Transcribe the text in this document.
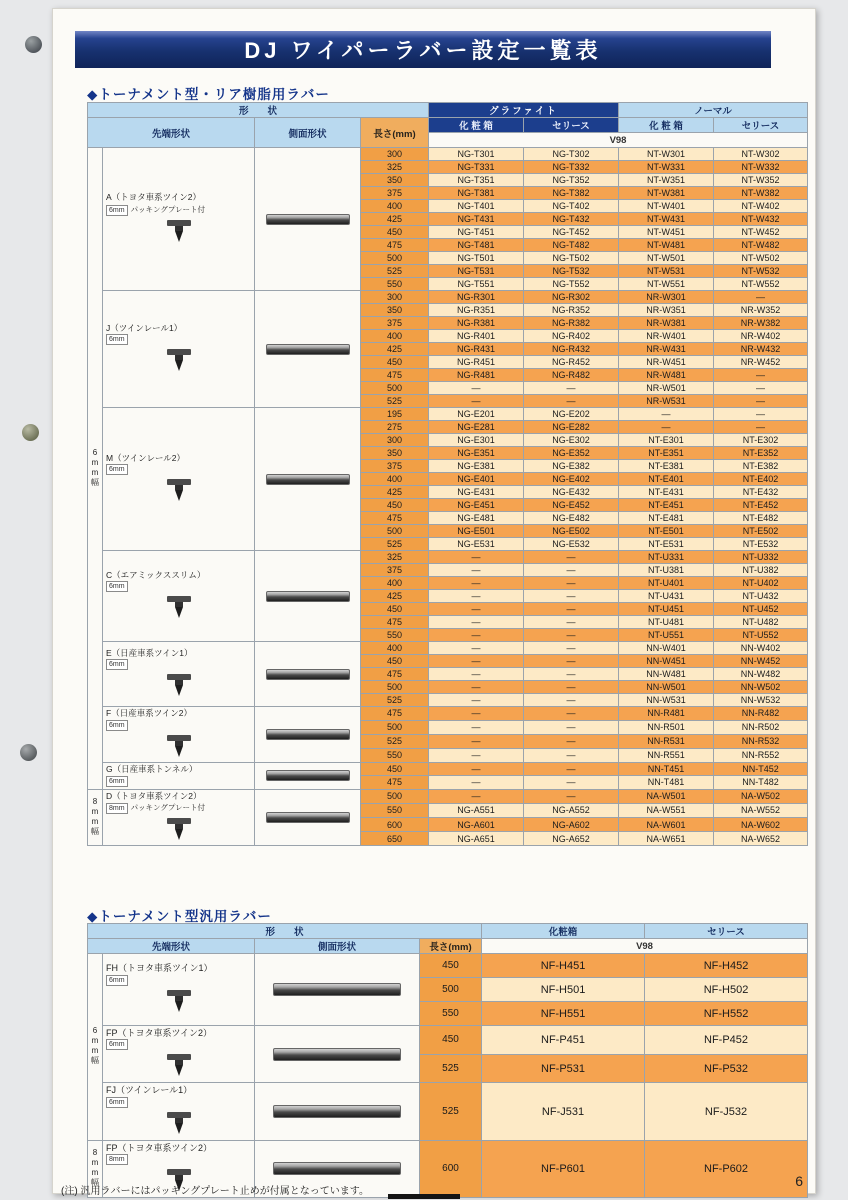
DJ ワイパーラバー設定一覧表
◆トーナメント型・リア樹脂用ラバー
形　　状				グラファイト		ノーマル	
先端形状		側面形状	長さ(mm)	化 粧 箱	セリース	化 粧 箱	セリース
				V98			
6mm幅	A（トヨタ車系ツイン2）
6mm パッキングプレート付		300	NG-T301	NG-T302	NT-W301	NT-W302
			325	NG-T331	NG-T332	NT-W331	NT-W332
			350	NG-T351	NG-T352	NT-W351	NT-W352
			375	NG-T381	NG-T382	NT-W381	NT-W382
			400	NG-T401	NG-T402	NT-W401	NT-W402
			425	NG-T431	NG-T432	NT-W431	NT-W432
			450	NG-T451	NG-T452	NT-W451	NT-W452
			475	NG-T481	NG-T482	NT-W481	NT-W482
			500	NG-T501	NG-T502	NT-W501	NT-W502
			525	NG-T531	NG-T532	NT-W531	NT-W532
			550	NG-T551	NG-T552	NT-W551	NT-W552

	J（ツインレール1）
6mm		300	NG-R301	NG-R302	NR-W301	—
			350	NG-R351	NG-R352	NR-W351	NR-W352
			375	NG-R381	NG-R382	NR-W381	NR-W382
			400	NG-R401	NG-R402	NR-W401	NR-W402
			425	NG-R431	NG-R432	NR-W431	NR-W432
			450	NG-R451	NG-R452	NR-W451	NR-W452
			475	NG-R481	NG-R482	NR-W481	—
			500	—	—	NR-W501	—
			525	—	—	NR-W531	—

	M（ツインレール2）
6mm		195	NG-E201	NG-E202	—	—
			275	NG-E281	NG-E282	—	—
			300	NG-E301	NG-E302	NT-E301	NT-E302
			350	NG-E351	NG-E352	NT-E351	NT-E352
			375	NG-E381	NG-E382	NT-E381	NT-E382
			400	NG-E401	NG-E402	NT-E401	NT-E402
			425	NG-E431	NG-E432	NT-E431	NT-E432
			450	NG-E451	NG-E452	NT-E451	NT-E452
			475	NG-E481	NG-E482	NT-E481	NT-E482
			500	NG-E501	NG-E502	NT-E501	NT-E502
			525	NG-E531	NG-E532	NT-E531	NT-E532

	C（エアミックススリム）
6mm		325	—	—	NT-U331	NT-U332
			375	—	—	NT-U381	NT-U382
			400	—	—	NT-U401	NT-U402
			425	—	—	NT-U431	NT-U432
			450	—	—	NT-U451	NT-U452
			475	—	—	NT-U481	NT-U482
			550	—	—	NT-U551	NT-U552

	E（日産車系ツイン1）
6mm		400	—	—	NN-W401	NN-W402
			450	—	—	NN-W451	NN-W452
			475	—	—	NN-W481	NN-W482
			500	—	—	NN-W501	NN-W502
			525	—	—	NN-W531	NN-W532

	F（日産車系ツイン2）
6mm		475	—	—	NN-R481	NN-R482
			500	—	—	NN-R501	NN-R502
			525	—	—	NN-R531	NN-R532
			550	—	—	NN-R551	NN-R552

	G（日産車系トンネル）
6mm		450	—	—	NN-T451	NN-T452
			475	—	—	NN-T481	NN-T482
8mm幅	D（トヨタ車系ツイン2）
8mm パッキングプレート付		500	—	—	NA-W501	NA-W502
			550	NG-A551	NG-A552	NA-W551	NA-W552
			600	NG-A601	NG-A602	NA-W601	NA-W602
			650	NG-A651	NG-A652	NA-W651	NA-W652
◆トーナメント型汎用ラバー
形　　状				化粧箱	セリース
先端形状		側面形状	長さ(mm)	V98	
6mm幅	FH（トヨタ車系ツイン1）
6mm		450	NF-H451	NF-H452
			500	NF-H501	NF-H502
			550	NF-H551	NF-H552

	FP（トヨタ車系ツイン2）
6mm		450	NF-P451	NF-P452
			525	NF-P531	NF-P532

	FJ（ツインレール1）
6mm		525	NF-J531	NF-J532
8mm幅	FP（トヨタ車系ツイン2）
8mm		600	NF-P601	NF-P602
(注) 汎用ラバーにはパッキングプレート止めが付属となっています。
6
